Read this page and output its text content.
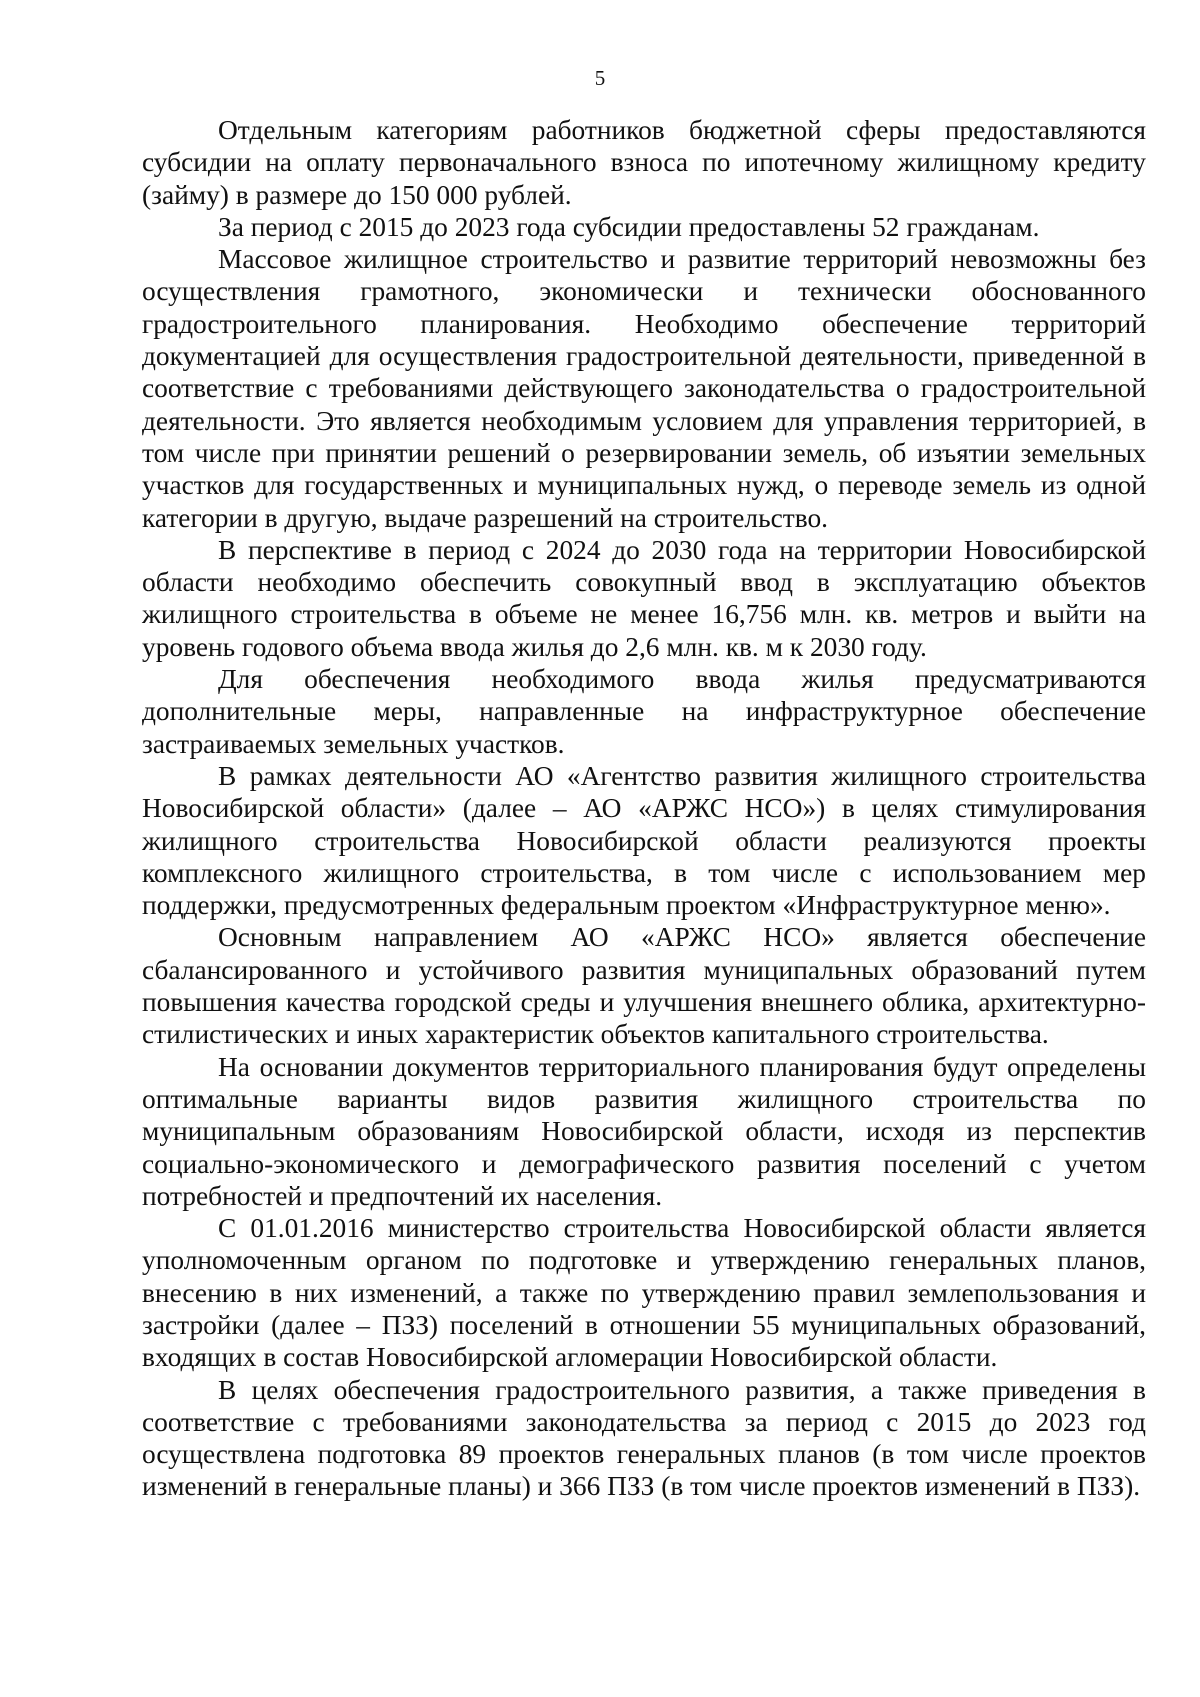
5

Отдельным категориям работников бюджетной сферы предоставляются субсидии на оплату первоначального взноса по ипотечному жилищному кредиту (займу) в размере до 150 000 рублей.

За период с 2015 до 2023 года субсидии предоставлены 52 гражданам.

Массовое жилищное строительство и развитие территорий невозможны без осуществления грамотного, экономически и технически обоснованного градостроительного планирования. Необходимо обеспечение территорий документацией для осуществления градостроительной деятельности, приведенной в соответствие с требованиями действующего законодательства о градостроительной деятельности. Это является необходимым условием для управления территорией, в том числе при принятии решений о резервировании земель, об изъятии земельных участков для государственных и муниципальных нужд, о переводе земель из одной категории в другую, выдаче разрешений на строительство.

В перспективе в период с 2024 до 2030 года на территории Новосибирской области необходимо обеспечить совокупный ввод в эксплуатацию объектов жилищного строительства в объеме не менее 16,756 млн. кв. метров и выйти на уровень годового объема ввода жилья до 2,6 млн. кв. м к 2030 году.

Для обеспечения необходимого ввода жилья предусматриваются дополнительные меры, направленные на инфраструктурное обеспечение застраиваемых земельных участков.

В рамках деятельности АО «Агентство развития жилищного строительства Новосибирской области» (далее – АО «АРЖС НСО») в целях стимулирования жилищного строительства Новосибирской области реализуются проекты комплексного жилищного строительства, в том числе с использованием мер поддержки, предусмотренных федеральным проектом «Инфраструктурное меню».

Основным направлением АО «АРЖС НСО» является обеспечение сбалансированного и устойчивого развития муниципальных образований путем повышения качества городской среды и улучшения внешнего облика, архитектурно-стилистических и иных характеристик объектов капитального строительства.

На основании документов территориального планирования будут определены оптимальные варианты видов развития жилищного строительства по муниципальным образованиям Новосибирской области, исходя из перспектив социально-экономического и демографического развития поселений с учетом потребностей и предпочтений их населения.

С 01.01.2016 министерство строительства Новосибирской области является уполномоченным органом по подготовке и утверждению генеральных планов, внесению в них изменений, а также по утверждению правил землепользования и застройки (далее – ПЗЗ) поселений в отношении 55 муниципальных образований, входящих в состав Новосибирской агломерации Новосибирской области.

В целях обеспечения градостроительного развития, а также приведения в соответствие с требованиями законодательства за период с 2015 до 2023 год осуществлена подготовка 89 проектов генеральных планов (в том числе проектов изменений в генеральные планы) и 366 ПЗЗ (в том числе проектов изменений в ПЗЗ).
